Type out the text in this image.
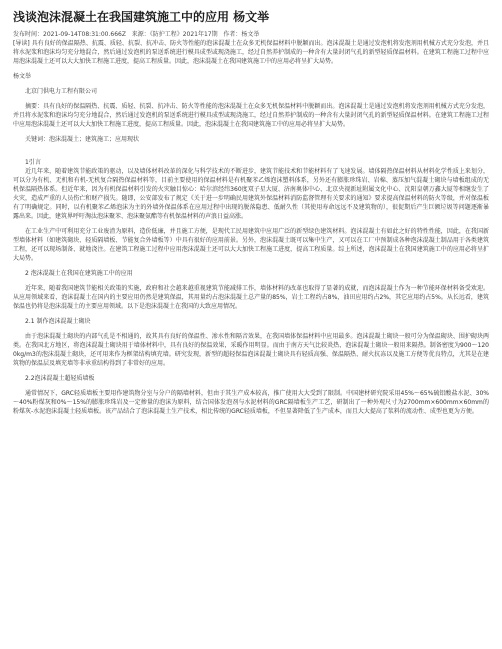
浅谈泡沫混凝土在我国建筑施工中的应用 杨文举
发布时间：2021-09-14T08:31:00.666Z 来源：《防护工程》2021年17期 作者：杨文举

[导读] 具有良好的保温隔热、抗震、质轻、抗裂、抗冲击、防火等性能的泡沫混凝土在众多无机保温材料中脱颖而出。泡沫混凝土是通过发泡机将发泡剂用机械方式充分发泡，并且将水泥浆和泡沫均匀充分地混合，然后通过发泡机的泵送系统进行模具成型或现浇施工，经过自然养护制成的一种含有大量封闭气孔的新型轻质保温材料。在建筑工程施工过程中应用泡沫混凝土还可以大大加快工程施工进度，提高工程质量。因此，泡沫混凝土在我国建筑施工中的应用必将呈扩大局势。

杨文举

北京门供电力工程有限公司

摘要：具有良好的保温隔热、抗震、质轻、抗裂、抗冲击、防火等性能的泡沫混凝土在众多无机保温材料中脱颖而出。泡沫混凝土是通过发泡机将发泡剂用机械方式充分发泡，并且将水泥浆和泡沫均匀充分地混合，然后通过发泡机的泵送系统进行模具成型或现浇施工，经过自然养护制成的一种含有大量封闭气孔的新型轻质保温材料。在建筑工程施工过程中应用泡沫混凝土还可以大大加快工程施工进度，提高工程质量。因此，泡沫混凝土在我国建筑施工中的应用必将呈扩大局势。

关键词：泡沫混凝土；建筑施工；应用现状

1引言

近几年来，随着建筑节能政策的驱动，以及墙体材料改革的深化与科学技术的不断进步，建筑节能技术和节能材料有了飞速发展。墙体隔热保温材料从材料化学性质上来划分，可以分为有机、无机和有机-无机复合隔热保温材料等，目前主要使用的保温材料是有机聚苯乙烯泡沫塑料体系，另外还有膨胀珍珠岩、岩棉、蒸压加气混凝土砌块与墙板组成的无机保温隔热体系。但近年来，因为有机保温材料引发的火灾触目惊心：哈尔滨经纬360度双子星大厦、济南奥体中心、北京央视新址附属文化中心、沈阳皇朝万鑫大厦等相继发生了火灾，造成严重的人员伤亡和财产损失。随即，公安部发布了规定《关于进一步明确民用建筑外保温材料消防监督管理有关要求的通知》要求提高保温材料的防火等级，并对保温板有了明确规定。同时，以有机聚苯乙烯泡沫为主的外墙外保温体系在应用过程中出现的脱落隐患、低耐久性（其使用寿命远远不及建筑物的），很促期后产生巨额垃圾等问题逐渐暴露出来。因此，建筑界呼吁淘汰泡沫聚苯、泡沫聚氨酯等有机保温材料的声浪日益高涨。

在工业生产中可利用充分工业废渣为原料，造价低廉，并且施工方便，是现代工民用建筑中应用广泛的新型绿色建筑材料。泡沫混凝土有如此之好的特性性能，因此，在我国新型墙体材料（如建筑砌块、轻质隔墙板、节能复合外墙板等）中具有很好的应用前景。另外，泡沫混凝土既可以集中生产，又可以在工厂中预制成各种泡沫混凝土制品用于各类建筑工程，还可以现场制备、就地浇注。在建筑工程施工过程中应用泡沫混凝土还可以大大加快工程施工进度，提高工程质量。综上所述，泡沫混凝土在我国建筑施工中的应用必将呈扩大局势。

2 泡沫混凝土在我国在建筑施工中的应用

近年来，随着我国建筑节能相关政策的实施，政府和社会越来越重视建筑节能减排工作，墙体材料的改革也取得了显著的成就，而泡沫混凝土作为一种节能环保材料备受欢迎。从应用领域来看，泡沫混凝土在国内的主要应用仍然是建筑保温，其用量约占泡沫混凝土总产量的85%，岩土工程约占8%，油田应用约占2%，其它应用约占5%。从长远看，建筑保温也仍将是泡沫混凝土的主要应用领域。以下是泡沫混凝土在我国的大致应用情况。

2.1 制作泡沫混凝土砌块

由于泡沫混凝土砌块的内部气孔是不相通的，故其具有良好的保温性、渗水性和隔音效果，在我国墙体保温材料中应用最多。泡沫混凝土砌块一般可分为保温砌块、围护砌块两类。在我国北方地区，将泡沫混凝土砌块用于墙体材料中，具有良好的保温效果，采暖作用明显。而由于南方天气比较炎热，泡沫混凝土砌块一般用来隔热。制备密度为900～1200kg/m3的泡沫混凝土砌块，还可用来作为框架结构填充墙。研究发现，新型的超轻保温泡沫混凝土砌块具有轻质高强、保温隔热、耐火抗冻以及施工方便等优良特点，尤其是在建筑物的保温层及填充墙等非承重结构得到了非常好的应用。

2.2泡沫混凝土超轻质墙板

通常情况下，GRC轻质墙板主要用作建筑物分室与分户的隔墙材料，但由于其生产成本较高，推广使用大大受到了限制。中国建材研究院采用45%～65%硫铝酸盐水泥、30%～40%粉煤灰和0%～15%的膨胀珍珠岩及一定掺量的泡沫为原料，结合国体发泡剂与水泥材料的GRC隔墙板生产工艺，研制出了一种外观尺寸为2700mm×600mm×60mm的粉煤灰-水泥泡沫混凝土轻质墙板。该产品结合了泡沫混凝土生产技术，相比传统的GRC轻质墙板，不但显著降低了生产成本，而且大大提高了浆料的流动性、成型也更为方便。
